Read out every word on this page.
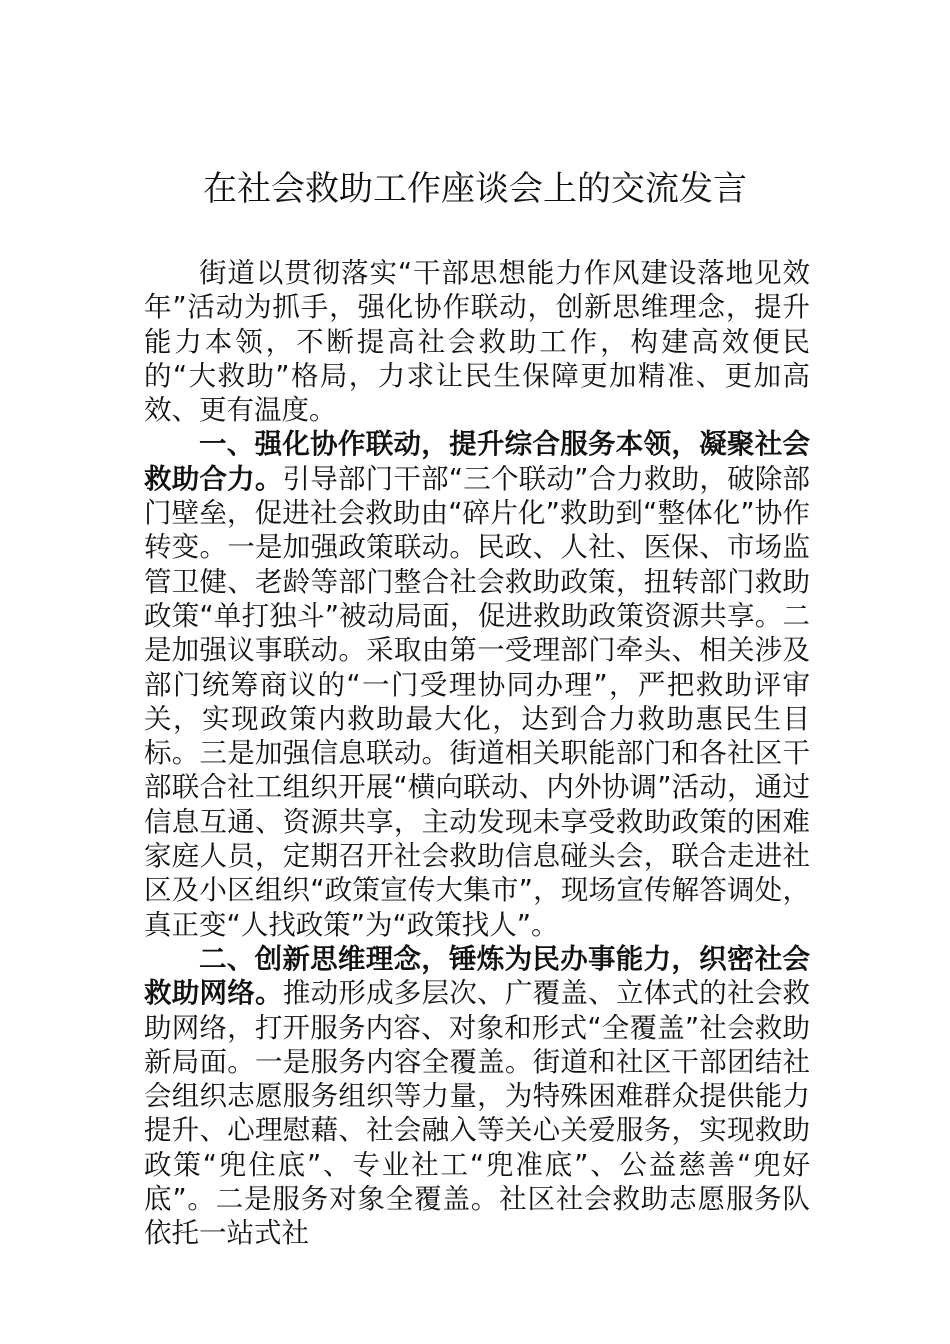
在社会救助工作座谈会上的交流发言

街道以贯彻落实“干部思想能力作风建设落地见效年”活动为抓手，强化协作联动，创新思维理念，提升能力本领，不断提高社会救助工作，构建高效便民的“大救助”格局，力求让民生保障更加精准、更加高效、更有温度。

一、强化协作联动，提升综合服务本领，凝聚社会救助合力。引导部门干部“三个联动”合力救助，破除部门壁垒，促进社会救助由“碎片化”救助到“整体化”协作转变。一是加强政策联动。民政、人社、医保、市场监管卫健、老龄等部门整合社会救助政策，扭转部门救助政策“单打独斗”被动局面，促进救助政策资源共享。二是加强议事联动。采取由第一受理部门牵头、相关涉及部门统筹商议的“一门受理协同办理”，严把救助评审关，实现政策内救助最大化，达到合力救助惠民生目标。三是加强信息联动。街道相关职能部门和各社区干部联合社工组织开展“横向联动、内外协调”活动，通过信息互通、资源共享，主动发现未享受救助政策的困难家庭人员，定期召开社会救助信息碰头会，联合走进社区及小区组织“政策宣传大集市”，现场宣传解答调处，真正变“人找政策”为“政策找人”。

二、创新思维理念，锤炼为民办事能力，织密社会救助网络。推动形成多层次、广覆盖、立体式的社会救助网络，打开服务内容、对象和形式“全覆盖”社会救助新局面。一是服务内容全覆盖。街道和社区干部团结社会组织志愿服务组织等力量，为特殊困难群众提供能力提升、心理慰藉、社会融入等关心关爱服务，实现救助政策“兜住底”、专业社工“兜准底”、公益慈善“兜好底”。二是服务对象全覆盖。社区社会救助志愿服务队依托一站式社
